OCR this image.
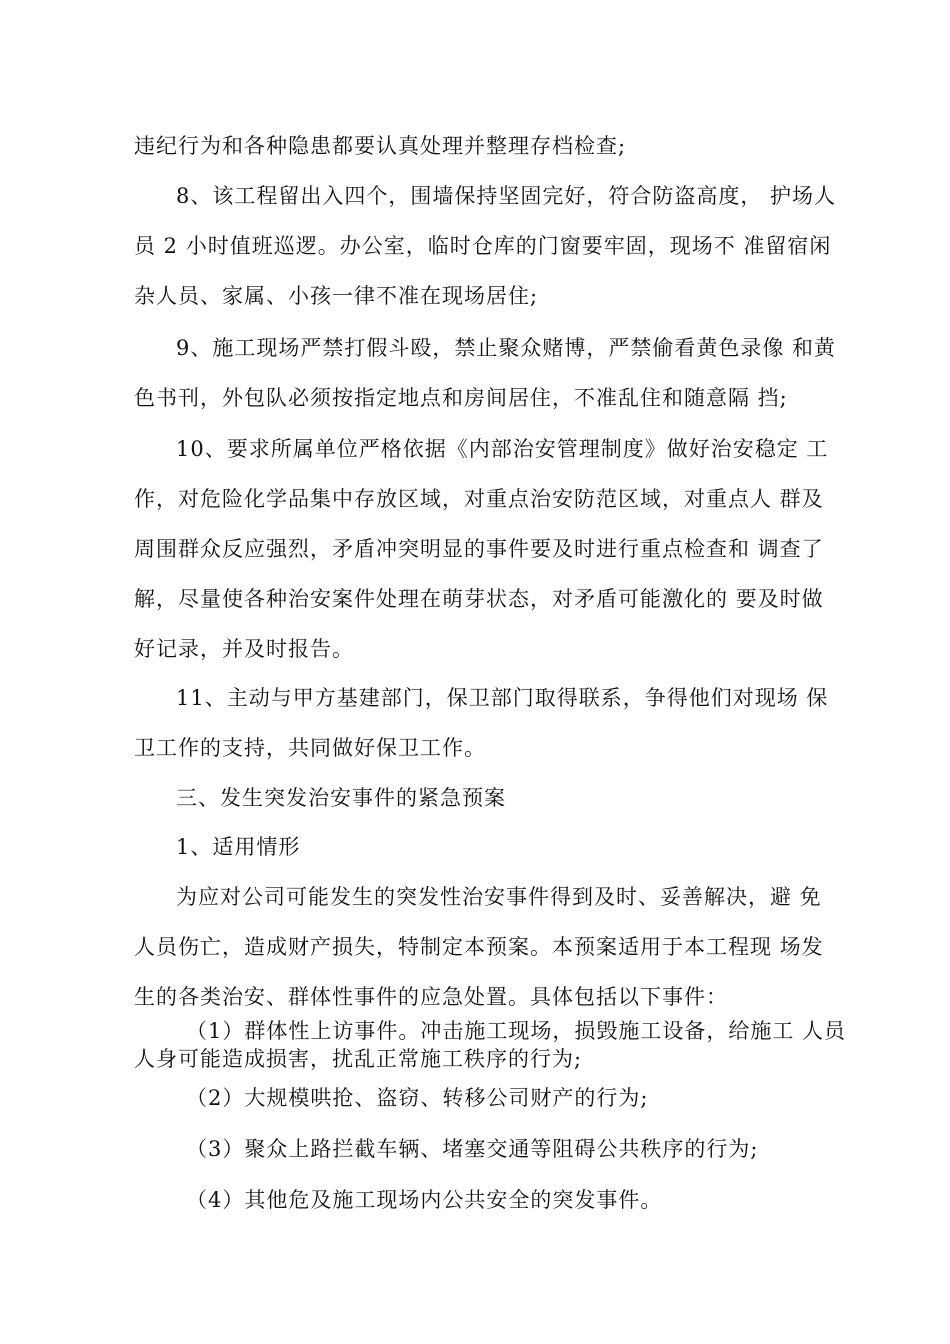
违纪行为和各种隐患都要认真处理并整理存档检查;
8、该工程留出入四个，围墙保持坚固完好，符合防盗高度， 护场人
员 2 小时值班巡逻。办公室，临时仓库的门窗要牢固，现场不 准留宿闲
杂人员、家属、小孩一律不准在现场居住;
9、施工现场严禁打假斗殴，禁止聚众赌博，严禁偷看黄色录像 和黄
色书刊，外包队必须按指定地点和房间居住，不准乱住和随意隔 挡;
10、要求所属单位严格依据《内部治安管理制度》做好治安稳定 工
作，对危险化学品集中存放区域，对重点治安防范区域，对重点人 群及
周围群众反应强烈，矛盾冲突明显的事件要及时进行重点检查和 调查了
解，尽量使各种治安案件处理在萌芽状态，对矛盾可能激化的 要及时做
好记录，并及时报告。
11、主动与甲方基建部门，保卫部门取得联系，争得他们对现场 保
卫工作的支持，共同做好保卫工作。
三、发生突发治安事件的紧急预案
1、适用情形
为应对公司可能发生的突发性治安事件得到及时、妥善解决，避 免
人员伤亡，造成财产损失，特制定本预案。本预案适用于本工程现 场发
生的各类治安、群体性事件的应急处置。具体包括以下事件：
（1）群体性上访事件。冲击施工现场，损毁施工设备，给施工 人员
人身可能造成损害，扰乱正常施工秩序的行为;
（2）大规模哄抢、盗窃、转移公司财产的行为;
（3）聚众上路拦截车辆、堵塞交通等阻碍公共秩序的行为;
（4）其他危及施工现场内公共安全的突发事件。
